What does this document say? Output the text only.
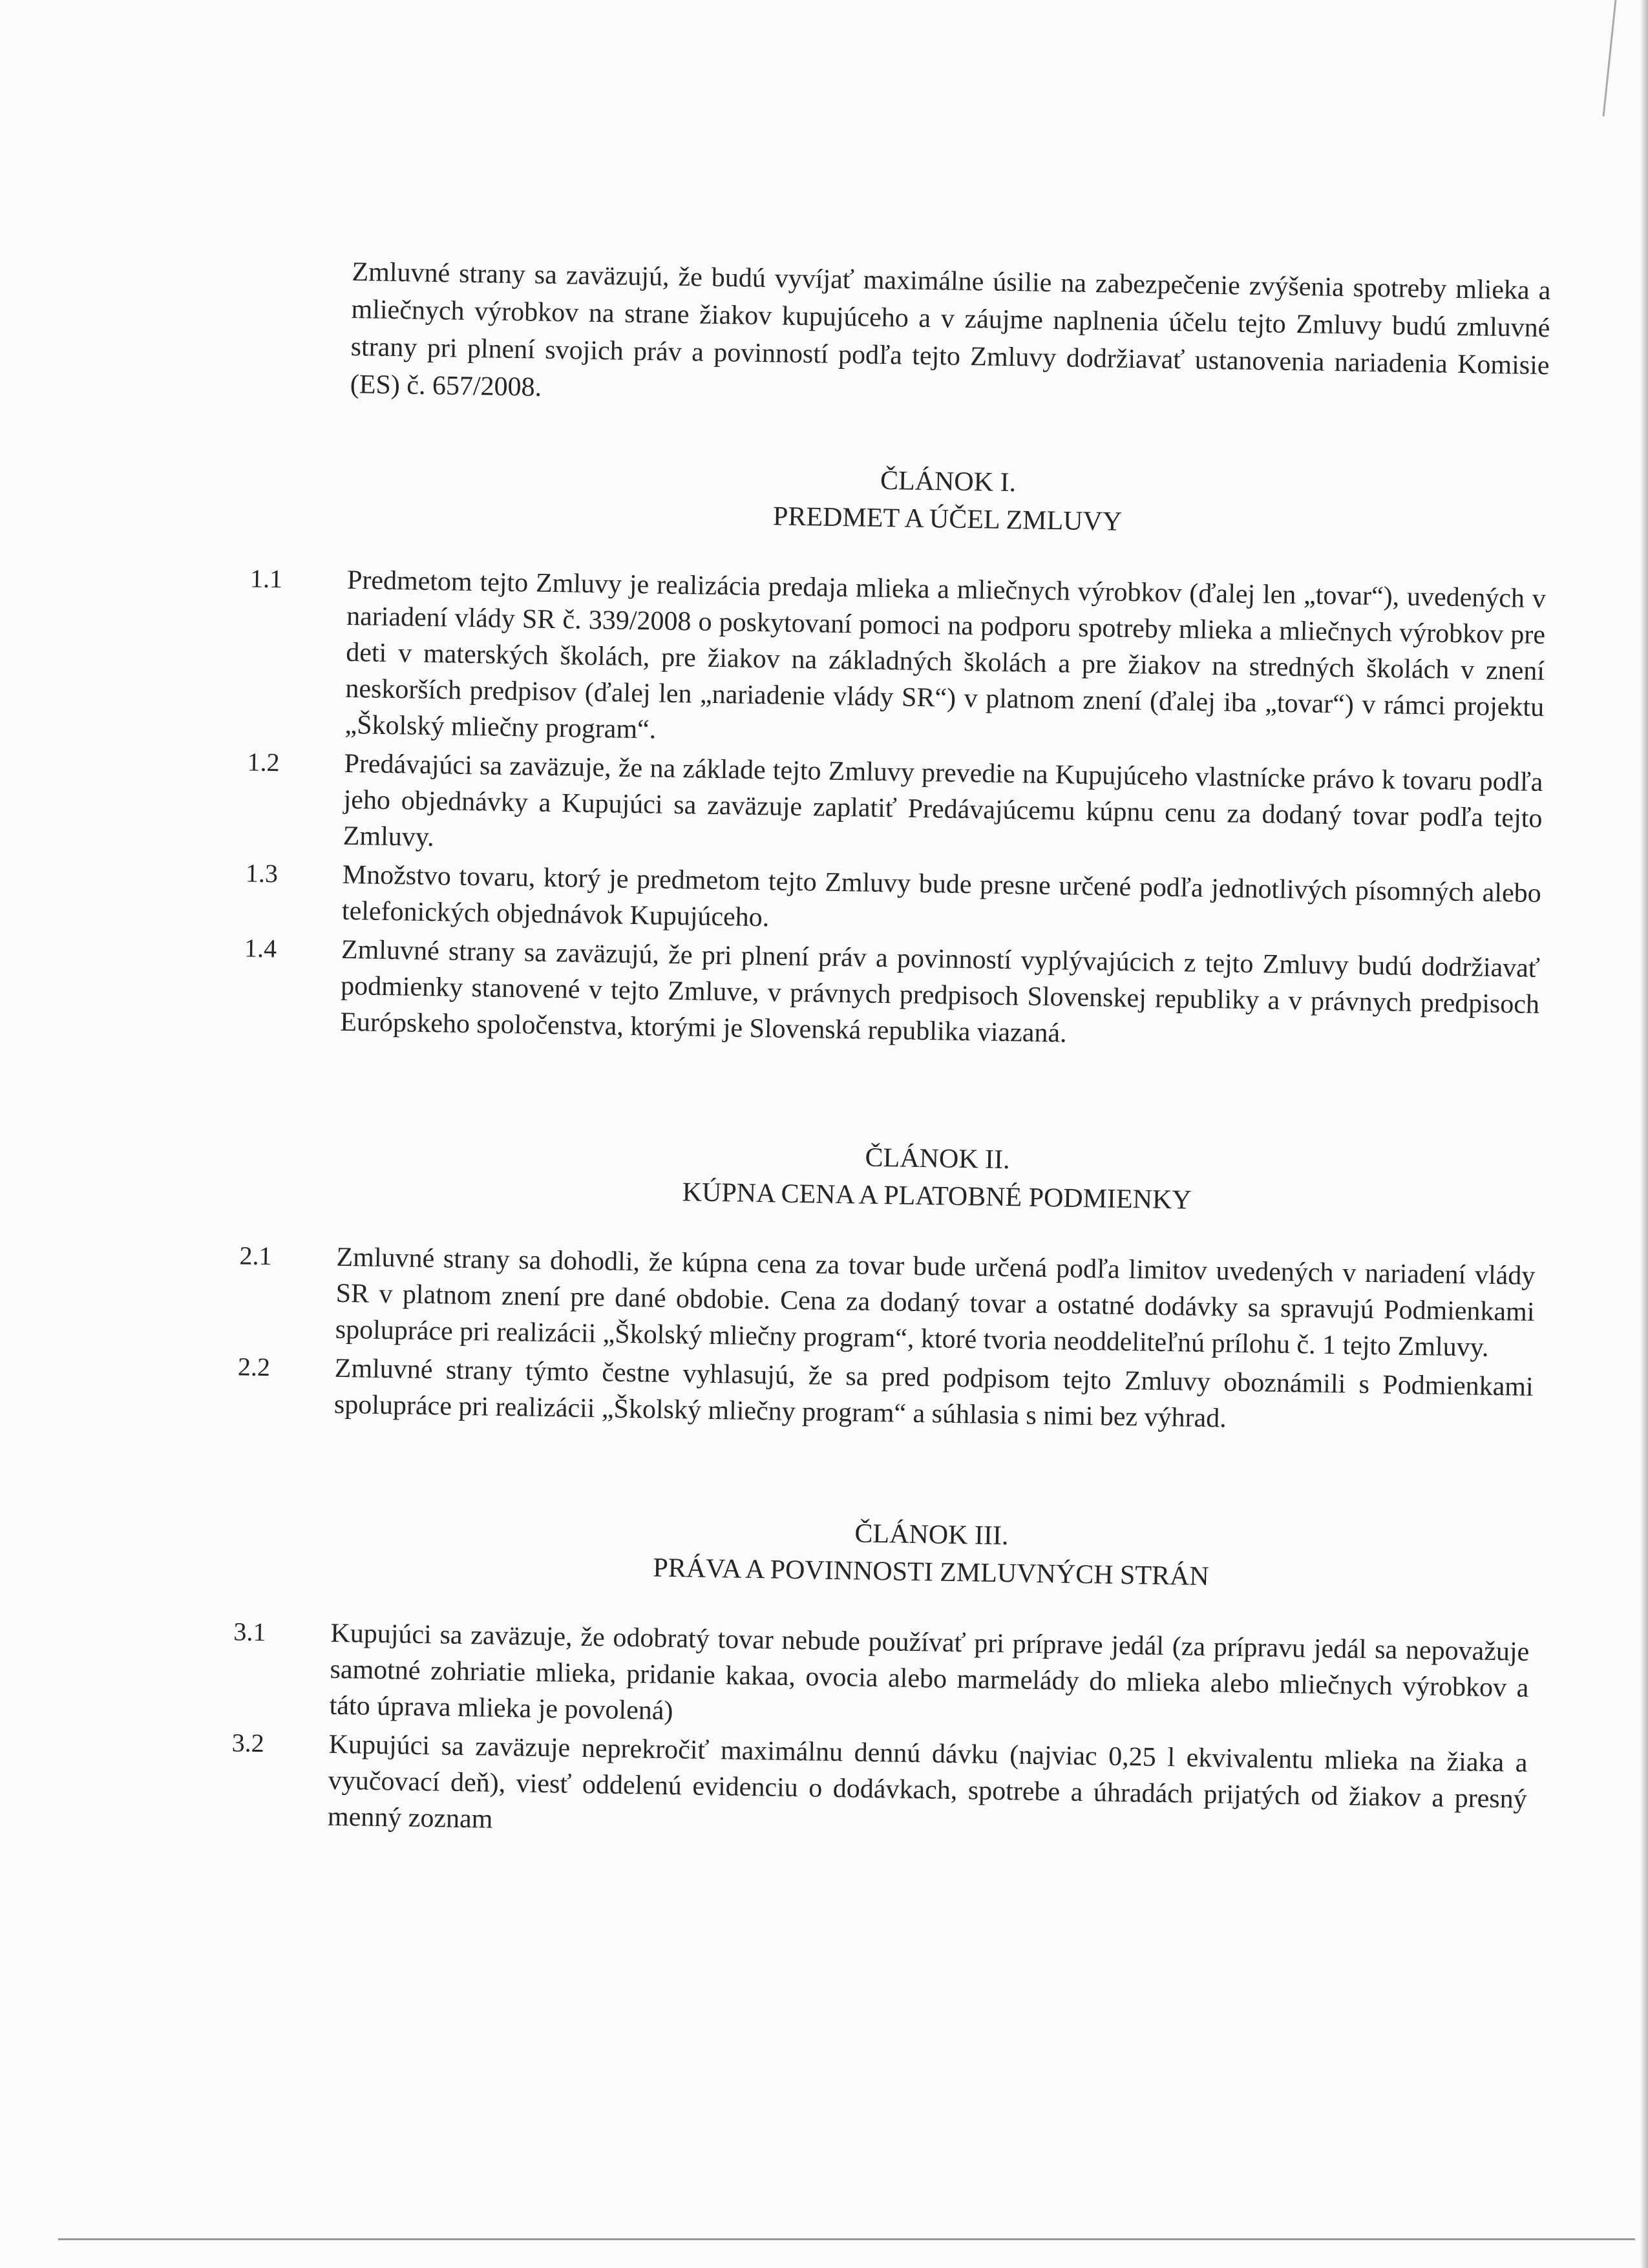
Zmluvné strany sa zaväzujú, že budú vyvíjať maximálne úsilie na zabezpečenie zvýšenia spotreby mlieka a mliečnych výrobkov na strane žiakov kupujúceho a v záujme naplnenia účelu tejto Zmluvy budú zmluvné strany pri plnení svojich práv a povinností podľa tejto Zmluvy dodržiavať ustanovenia nariadenia Komisie (ES) č. 657/2008.

ČLÁNOK I.
PREDMET A ÚČEL ZMLUVY
1.1	Predmetom tejto Zmluvy je realizácia predaja mlieka a mliečnych výrobkov (ďalej len „tovar“), uvedených v nariadení vlády SR č. 339/2008 o poskytovaní pomoci na podporu spotreby mlieka a mliečnych výrobkov pre deti v materských školách, pre žiakov na základných školách a pre žiakov na stredných školách v znení neskorších predpisov (ďalej len „nariadenie vlády SR“) v platnom znení (ďalej iba „tovar“) v rámci projektu „Školský mliečny program“.
1.2	Predávajúci sa zaväzuje, že na základe tejto Zmluvy prevedie na Kupujúceho vlastnícke právo k tovaru podľa jeho objednávky a Kupujúci sa zaväzuje zaplatiť Predávajúcemu kúpnu cenu za dodaný tovar podľa tejto Zmluvy.
1.3	Množstvo tovaru, ktorý je predmetom tejto Zmluvy bude presne určené podľa jednotlivých písomných alebo telefonických objednávok Kupujúceho.
1.4	Zmluvné strany sa zaväzujú, že pri plnení práv a povinností vyplývajúcich z tejto Zmluvy budú dodržiavať podmienky stanovené v tejto Zmluve, v právnych predpisoch Slovenskej republiky a v právnych predpisoch Európskeho spoločenstva, ktorými je Slovenská republika viazaná.
ČLÁNOK II.
KÚPNA CENA A PLATOBNÉ PODMIENKY
2.1	Zmluvné strany sa dohodli, že kúpna cena za tovar bude určená podľa limitov uvedených v nariadení vlády SR v platnom znení pre dané obdobie. Cena za dodaný tovar a ostatné dodávky sa spravujú Podmienkami spolupráce pri realizácii „Školský mliečny program“, ktoré tvoria neoddeliteľnú prílohu č. 1 tejto Zmluvy.
2.2	Zmluvné strany týmto čestne vyhlasujú, že sa pred podpisom tejto Zmluvy oboznámili s Podmienkami spolupráce pri realizácii „Školský mliečny program“ a súhlasia s nimi bez výhrad.
ČLÁNOK III.
PRÁVA A POVINNOSTI ZMLUVNÝCH STRÁN
3.1	Kupujúci sa zaväzuje, že odobratý tovar nebude používať pri príprave jedál (za prípravu jedál sa nepovažuje samotné zohriatie mlieka, pridanie kakaa, ovocia alebo marmelády do mlieka alebo mliečnych výrobkov a táto úprava mlieka je povolená)
3.2	Kupujúci sa zaväzuje neprekročiť maximálnu dennú dávku (najviac 0,25 l ekvivalentu mlieka na žiaka a vyučovací deň), viesť oddelenú evidenciu o dodávkach, spotrebe a úhradách prijatých od žiakov a presný menný zoznam
